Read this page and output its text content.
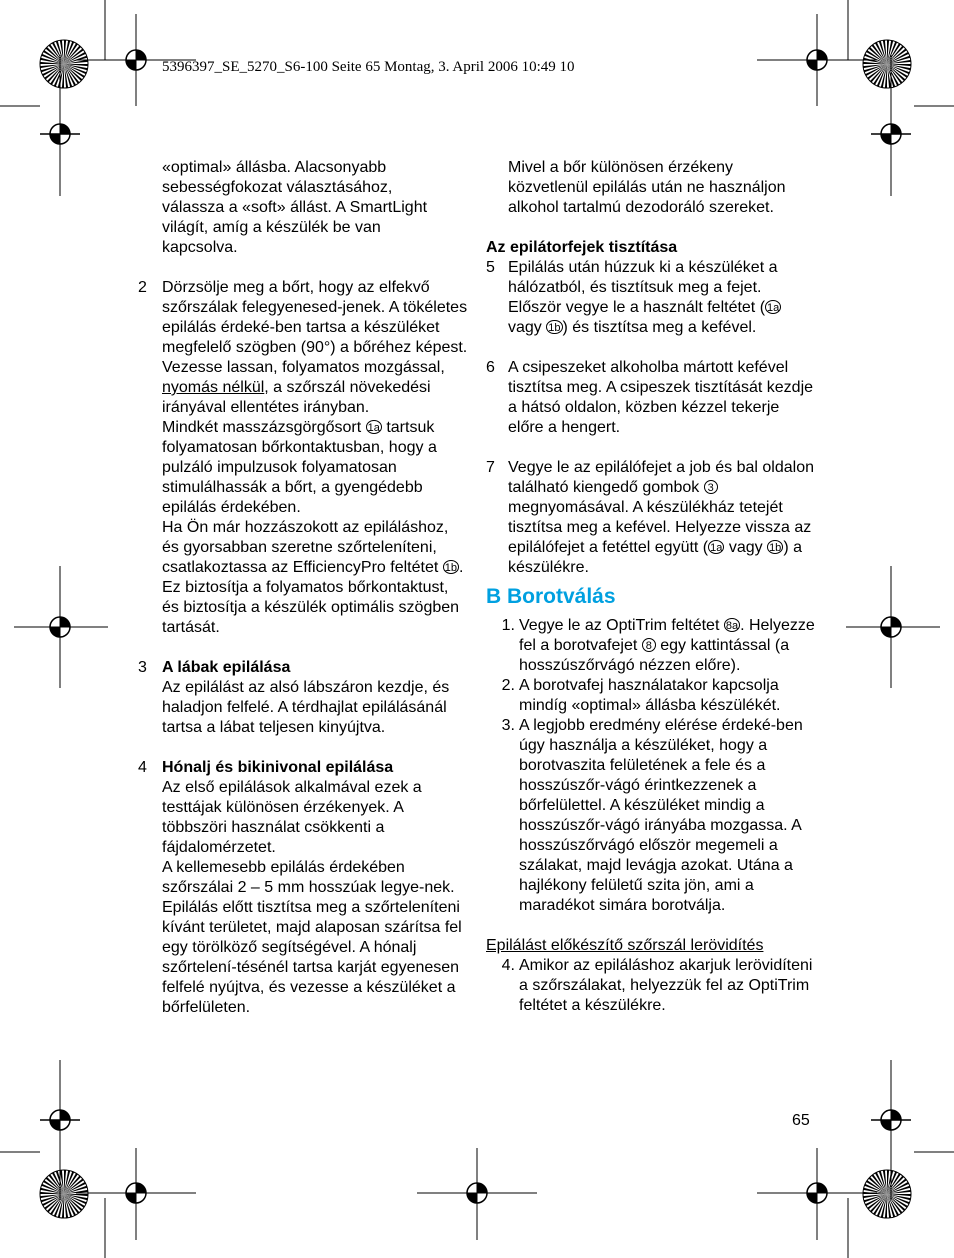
5396397_SE_5270_S6-100 Seite 65 Montag, 3. April 2006 10:49 10
«optimal» állásba. Alacsonyabb
sebességfokozat választásához,
válassza a «soft» állást. A SmartLight
világít, amíg a készülék be van
kapcsolva.
2 Dörzsölje meg a bőrt, hogy az elfekvő szőrszálak felegyenesed-jenek. A tökéletes epilálás érdeké-ben tartsa a készüléket megfelelő szögben (90°) a bőréhez képest. Vezesse lassan, folyamatos mozgással, nyomás nélkül, a szőrszál növekedési irányával ellentétes irányban.
Mindkét masszázsgörgősort 1a tartsuk folyamatosan bőrkontaktusban, hogy a pulzáló impulzusok folyamatosan stimulálhassák a bőrt, a gyengédebb epilálás érdekében.
Ha Ön már hozzászokott az epiláláshoz, és gyorsabban szeretne szőrteleníteni, csatlakoztassa az EfficiencyPro feltétet 1b . Ez biztosítja a folyamatos bőrkontaktust, és biztosítja a készülék optimális szögben tartását.
3 A lábak epilálása
Az epilálást az alsó lábszáron kezdje, és haladjon felfelé. A térdhajlat epilálásánál tartsa a lábat teljesen kinyújtva.
4 Hónalj és bikinivonal epilálása
Az első epilálások alkalmával ezek a testtájak különösen érzékenyek. A többszöri használat csökkenti a fájdalomérzetet.
A kellemesebb epilálás érdekében szőrszálai 2 – 5 mm hosszúak legye-nek.
Epilálás előtt tisztítsa meg a szőrteleníteni kívánt területet, majd alaposan szárítsa fel egy törölköző segítségével. A hónalj szőrtelení-tésénél tartsa karját egyenesen felfelé nyújtva, és vezesse a készüléket a bőrfelületen.
Mivel a bőr különösen érzékeny közvetlenül epilálás után ne használjon alkohol tartalmú dezodoráló szereket.
Az epilátorfejek tisztítása
5 Epilálás után húzzuk ki a készüléket a hálózatból, és tisztítsuk meg a fejet. Először vegye le a használt feltétet ( 1a vagy 1b ) és tisztítsa meg a kefével.
6 A csipeszeket alkoholba mártott kefével tisztítsa meg. A csipeszek tisztítását kezdje a hátsó oldalon, közben kézzel tekerje előre a hengert.
7 Vegye le az epilálófejet a job és bal oldalon található kiengedő gombok 3 megnyomásával. A készülékház tetejét tisztítsa meg a kefével. Helyezze vissza az epilálófejet a fetéttel együtt ( 1a vagy 1b ) a készülékre.
B Borotválás
1. Vegye le az OptiTrim feltétet 8a . Helyezze fel a borotvafejet 8 egy kattintással (a hosszúszőrvágó nézzen előre).
2. A borotvafej használatakor kapcsolja mindíg «optimal» állásba készülékét.
3. A legjobb eredmény elérése érdeké-ben úgy használja a készüléket, hogy a borotvaszita felületének a fele és a hosszúszőr-vágó érintkezzenek a bőrfelülettel. A készüléket mindig a hosszúszőr-vágó irányába mozgassa. A hosszúszőrvágó először megemeli a szálakat, majd levágja azokat. Utána a hajlékony felületű szita jön, ami a maradékot simára borotválja.
Epilálást előkészítő szőrszál lerövidítés
4. Amikor az epiláláshoz akarjuk lerövidíteni a szőrszálakat, helyezzük fel az OptiTrim feltétet a készülékre.
65
